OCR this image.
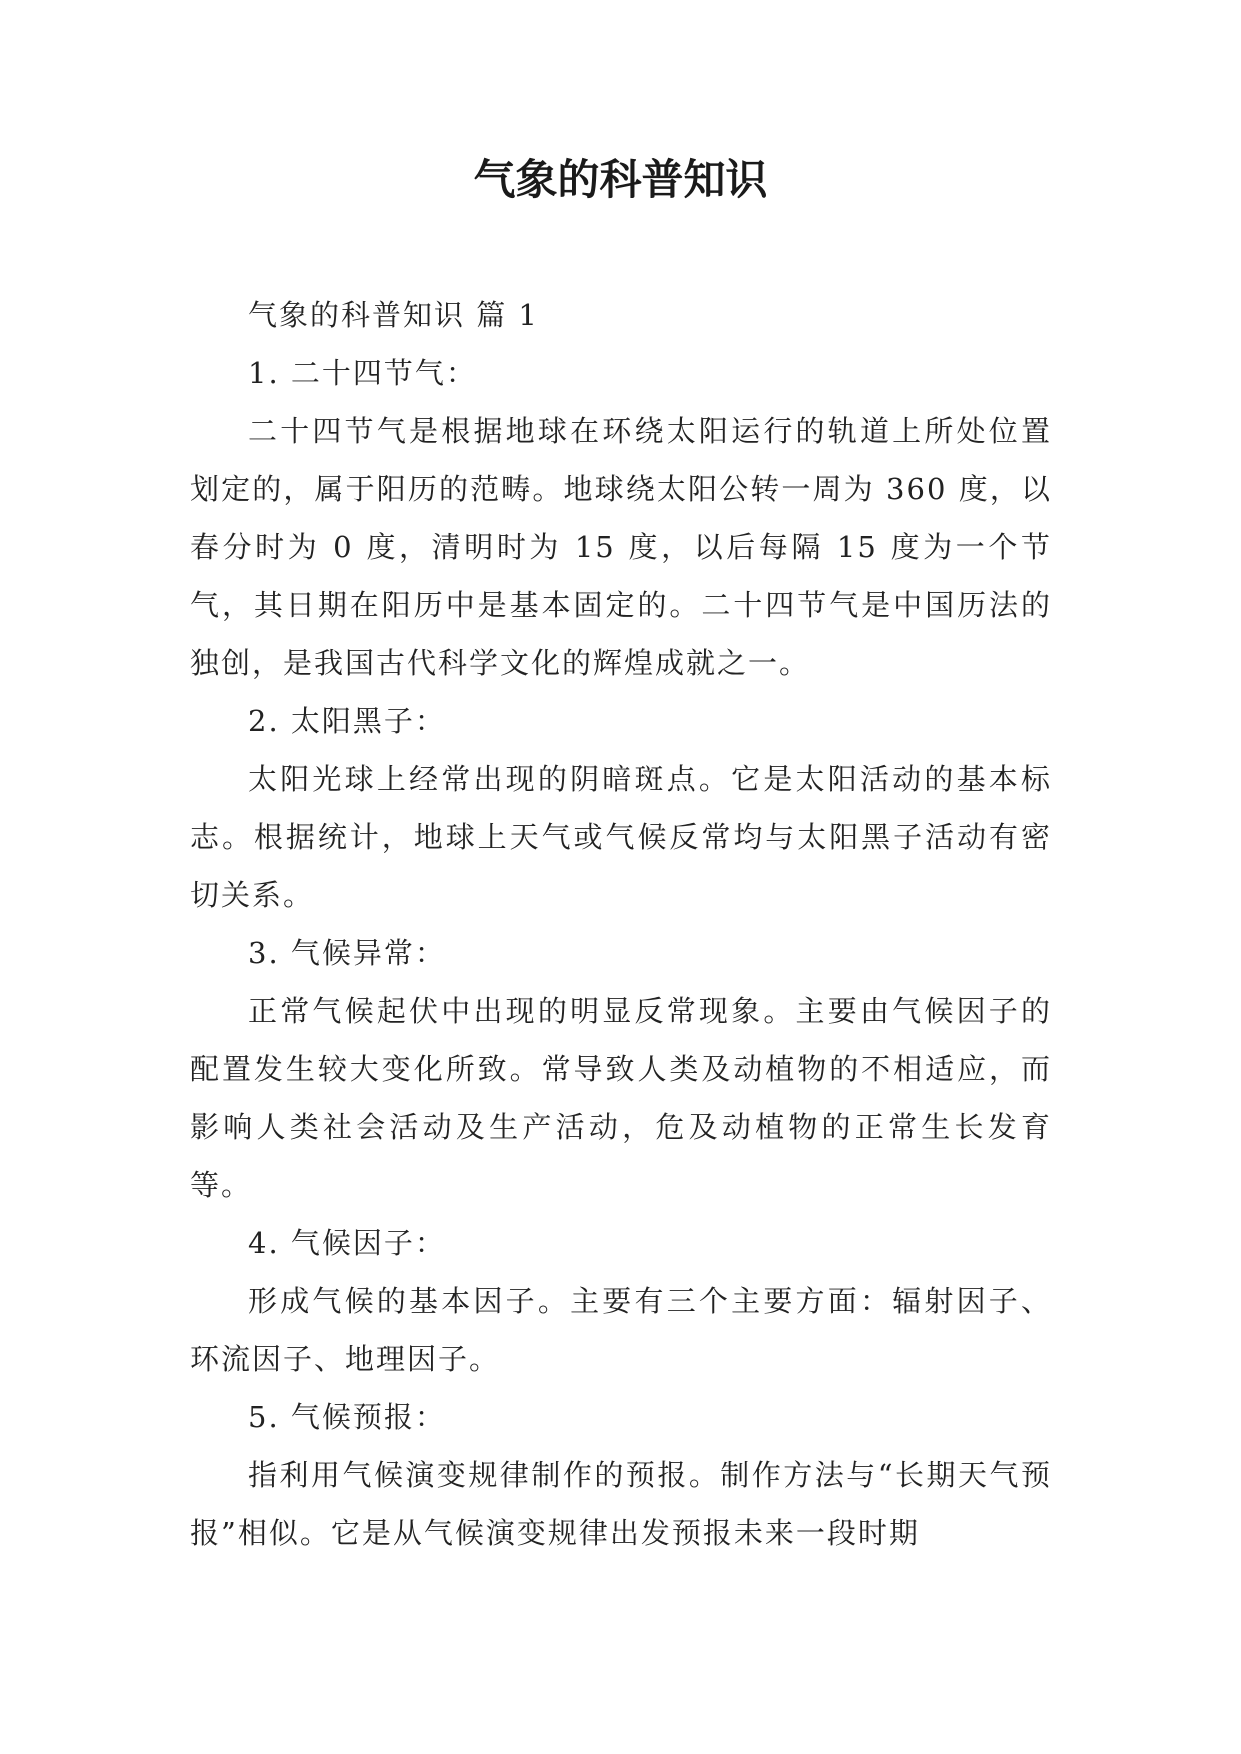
气象的科普知识

气象的科普知识 篇 1

1. 二十四节气：

二十四节气是根据地球在环绕太阳运行的轨道上所处位置划定的，属于阳历的范畴。地球绕太阳公转一周为 360 度，以春分时为 0 度，清明时为 15 度，以后每隔 15 度为一个节气，其日期在阳历中是基本固定的。二十四节气是中国历法的独创，是我国古代科学文化的辉煌成就之一。

2. 太阳黑子：

太阳光球上经常出现的阴暗斑点。它是太阳活动的基本标志。根据统计，地球上天气或气候反常均与太阳黑子活动有密切关系。

3. 气候异常：

正常气候起伏中出现的明显反常现象。主要由气候因子的配置发生较大变化所致。常导致人类及动植物的不相适应，而影响人类社会活动及生产活动，危及动植物的正常生长发育等。

4. 气候因子：

形成气候的基本因子。主要有三个主要方面：辐射因子、环流因子、地理因子。

5. 气候预报：

指利用气候演变规律制作的预报。制作方法与“长期天气预报”相似。它是从气候演变规律出发预报未来一段时期
